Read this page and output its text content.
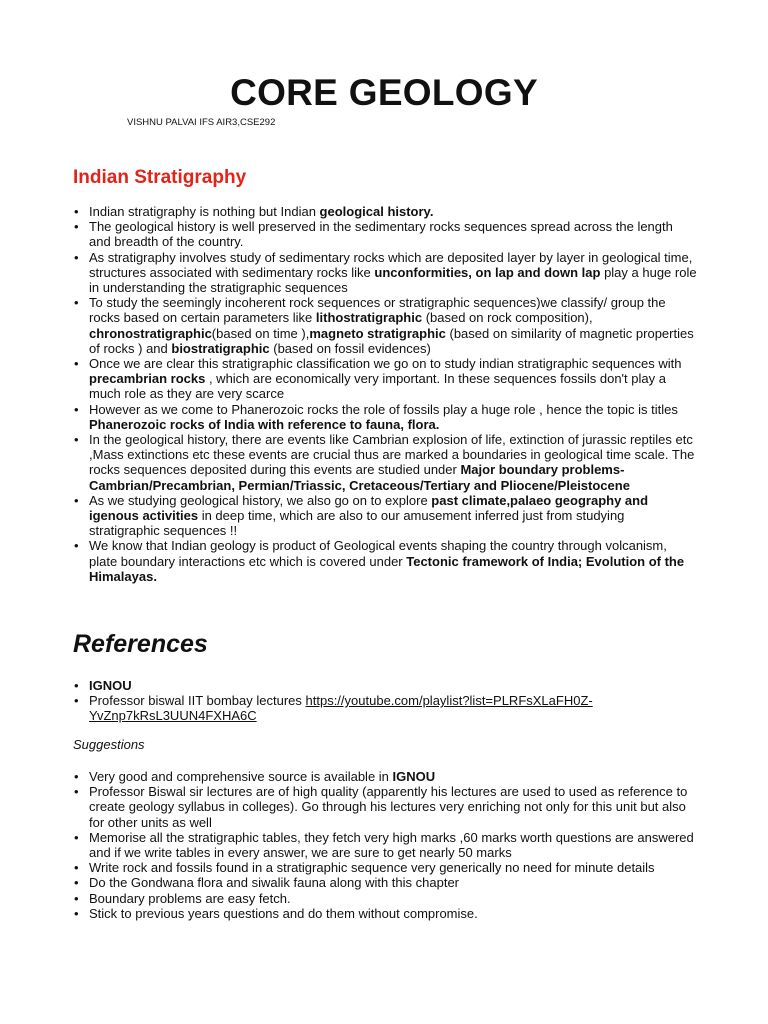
CORE GEOLOGY

VISHNU PALVAI IFS AIR3,CSE292

Indian Stratigraphy
• Indian stratigraphy is nothing but Indian geological history.
• The geological history is well preserved in the sedimentary rocks sequences spread across the length and breadth of the country.
• As stratigraphy involves study of sedimentary rocks which are deposited layer by layer in geological time, structures associated with sedimentary rocks like unconformities, on lap and down lap play a huge role in understanding the stratigraphic sequences
• To study the seemingly incoherent rock sequences or stratigraphic sequences)we classify/ group the rocks based on certain parameters like lithostratigraphic (based on rock composition), chronostratigraphic(based on time ),magneto stratigraphic (based on similarity of magnetic properties of rocks ) and biostratigraphic (based on fossil evidences)
• Once we are clear this stratigraphic classification we go on to study indian stratigraphic sequences with precambrian rocks , which are economically very important. In these sequences fossils don't play a much role as they are very scarce
• However as we come to Phanerozoic rocks the role of fossils play a huge role , hence the topic is titles Phanerozoic rocks of India with reference to fauna, flora.
• In the geological history, there are events like Cambrian explosion of life, extinction of jurassic reptiles etc ,Mass extinctions etc these events are crucial thus are marked a boundaries in geological time scale. The rocks sequences deposited during this events are studied under Major boundary problems- Cambrian/Precambrian, Permian/Triassic, Cretaceous/Tertiary and Pliocene/Pleistocene
• As we studying geological history, we also go on to explore past climate,palaeo geography and igenous activities in deep time, which are also to our amusement inferred just from studying stratigraphic sequences !!
• We know that Indian geology is product of Geological events shaping the country through volcanism, plate boundary interactions etc which is covered under Tectonic framework of India; Evolution of the Himalayas.
References
• IGNOU
• Professor biswal IIT bombay lectures https://youtube.com/playlist?list=PLRFsXLaFH0Z-YvZnp7kRsL3UUN4FXHA6C

Suggestions

• Very good and comprehensive source is available in IGNOU
• Professor Biswal sir lectures are of high quality (apparently his lectures are used to used as reference to create geology syllabus in colleges). Go through his lectures very enriching not only for this unit but also for other units as well
• Memorise all the stratigraphic tables, they fetch very high marks ,60 marks worth questions are answered and if we write tables in every answer, we are sure to get nearly 50 marks
• Write rock and fossils found in a stratigraphic sequence very generically no need for minute details
• Do the Gondwana flora and siwalik fauna along with this chapter
• Boundary problems are easy fetch.
• Stick to previous years questions and do them without compromise.
